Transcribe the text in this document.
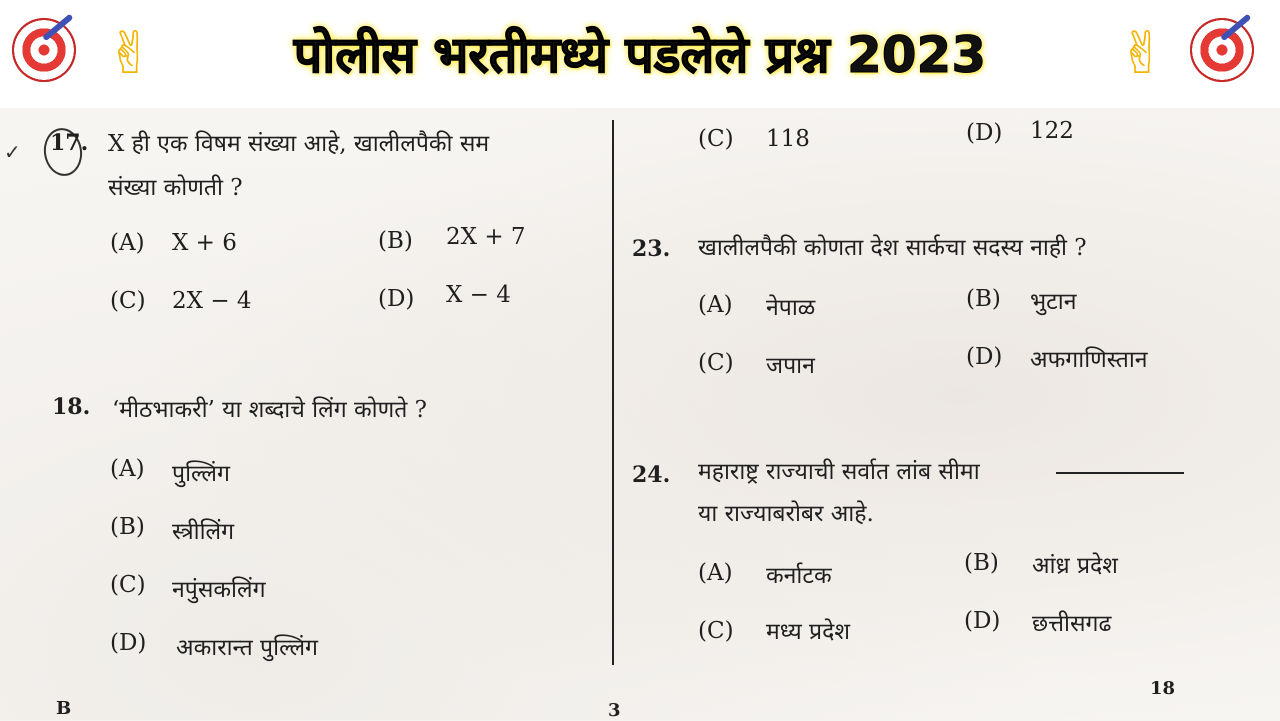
✌	पोलीस भरतीमध्ये पडलेले प्रश्न 2023	✌
✓ 17. X ही एक विषम संख्या आहे, खालीलपैकी सम
संख्या कोणती ?
(A) X + 6	(B) 2X + 7
(C) 2X − 4	(D) X − 4
18. ‘मीठभाकरी’ या शब्दाचे लिंग कोणते ?
(A) पुल्लिंग
(B) स्त्रीलिंग
(C) नपुंसकलिंग
(D) अकारान्त पुल्लिंग
(C) 118	(D) 122
23. खालीलपैकी कोणता देश सार्कचा सदस्य नाही ?
(A) नेपाळ	(B) भुटान
(C) जपान	(D) अफगाणिस्तान
24. महाराष्ट्र राज्याची सर्वात लांब सीमा
या राज्याबरोबर आहे.
(A) कर्नाटक	(B) आंध्र प्रदेश
(C) मध्य प्रदेश	(D) छत्तीसगढ
B	3
18
